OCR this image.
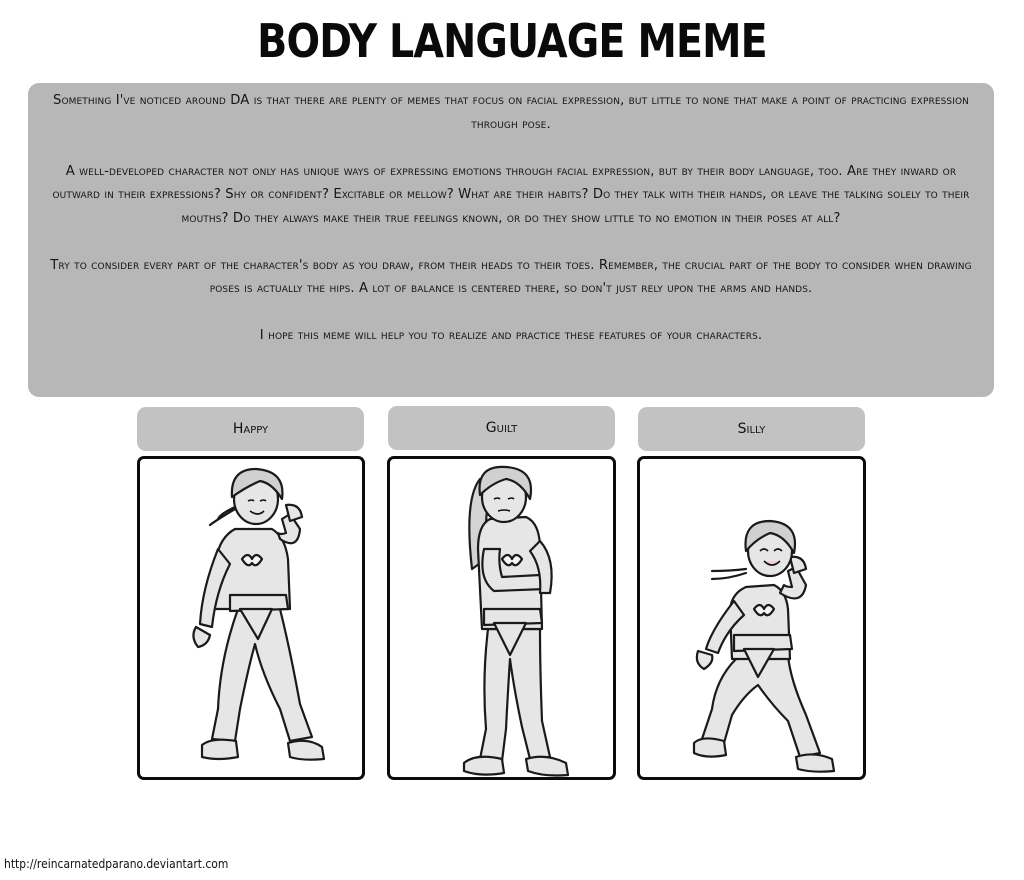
BODY LANGUAGE MEME

Something I've noticed around DA is that there are plenty of memes that focus on facial expression, but little to none that make a point of practicing expression through pose.

A well-developed character not only has unique ways of expressing emotions through facial expression, but by their body language, too. Are they inward or outward in their expressions? Shy or confident? Excitable or mellow? What are their habits? Do they talk with their hands, or leave the talking solely to their mouths? Do they always make their true feelings known, or do they show little to no emotion in their poses at all?

Try to consider every part of the character's body as you draw, from their heads to their toes. Remember, the crucial part of the body to consider when drawing poses is actually the hips. A lot of balance is centered there, so don't just rely upon the arms and hands.

I hope this meme will help you to realize and practice these features of your characters.

Happy	Guilt	Silly
http://reincarnatedparano.deviantart.com
